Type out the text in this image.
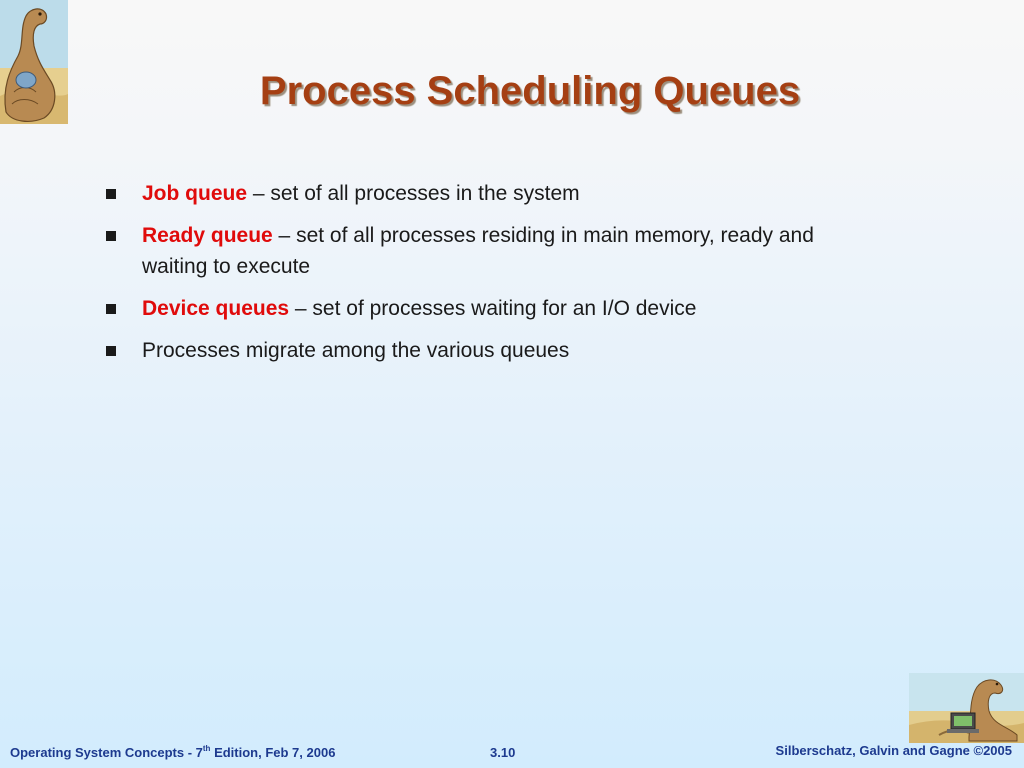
Process Scheduling Queues
Job queue – set of all processes in the system
Ready queue – set of all processes residing in main memory, ready and waiting to execute
Device queues – set of processes waiting for an I/O device
Processes migrate among the various queues
Operating System Concepts - 7th Edition, Feb 7, 2006	3.10	Silberschatz, Galvin and Gagne ©2005
